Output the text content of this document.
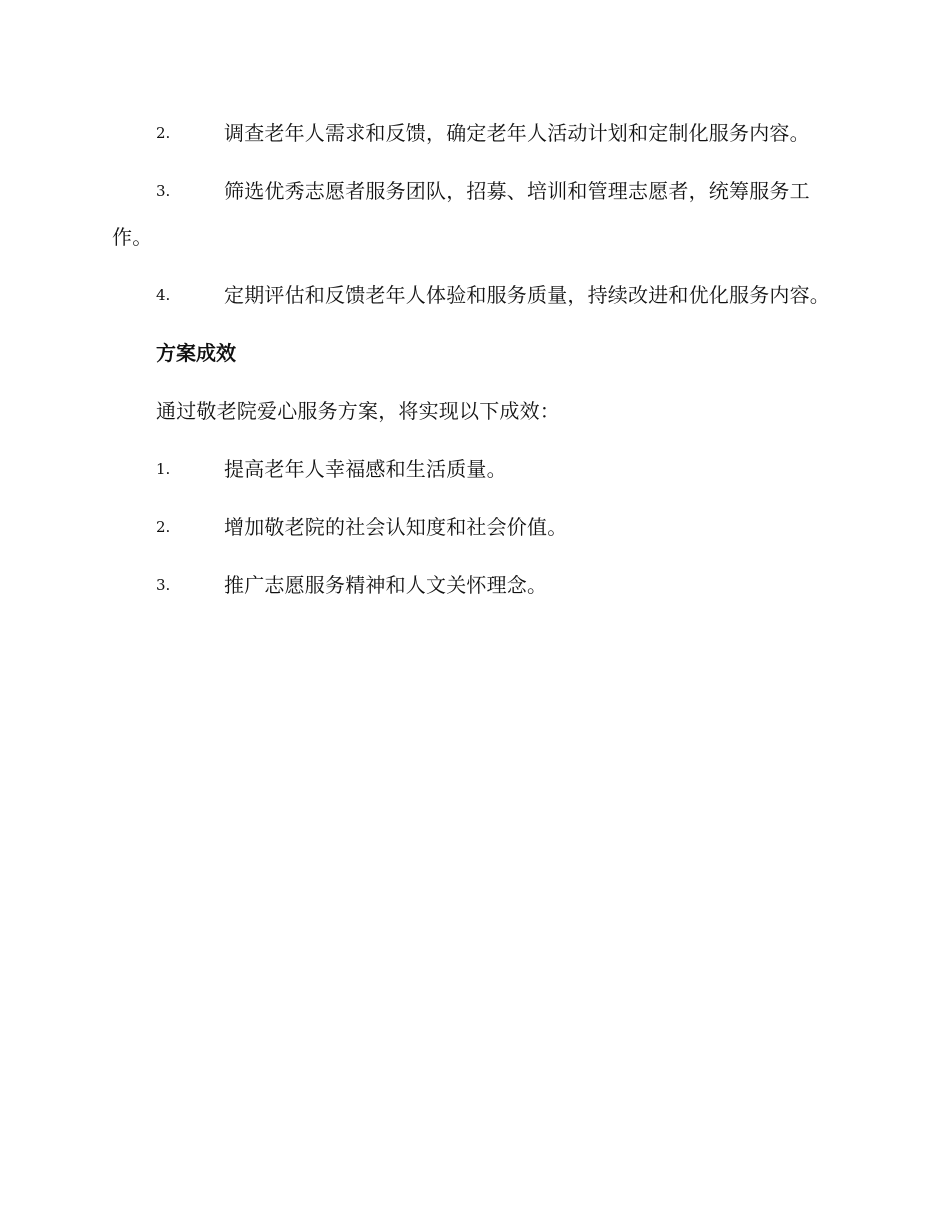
2.	调查老年人需求和反馈，确定老年人活动计划和定制化服务内容。
3.	筛选优秀志愿者服务团队，招募、培训和管理志愿者，统筹服务工作。
4.	定期评估和反馈老年人体验和服务质量，持续改进和优化服务内容。
方案成效
通过敬老院爱心服务方案，将实现以下成效：
1.	提高老年人幸福感和生活质量。
2.	增加敬老院的社会认知度和社会价值。
3.	推广志愿服务精神和人文关怀理念。
